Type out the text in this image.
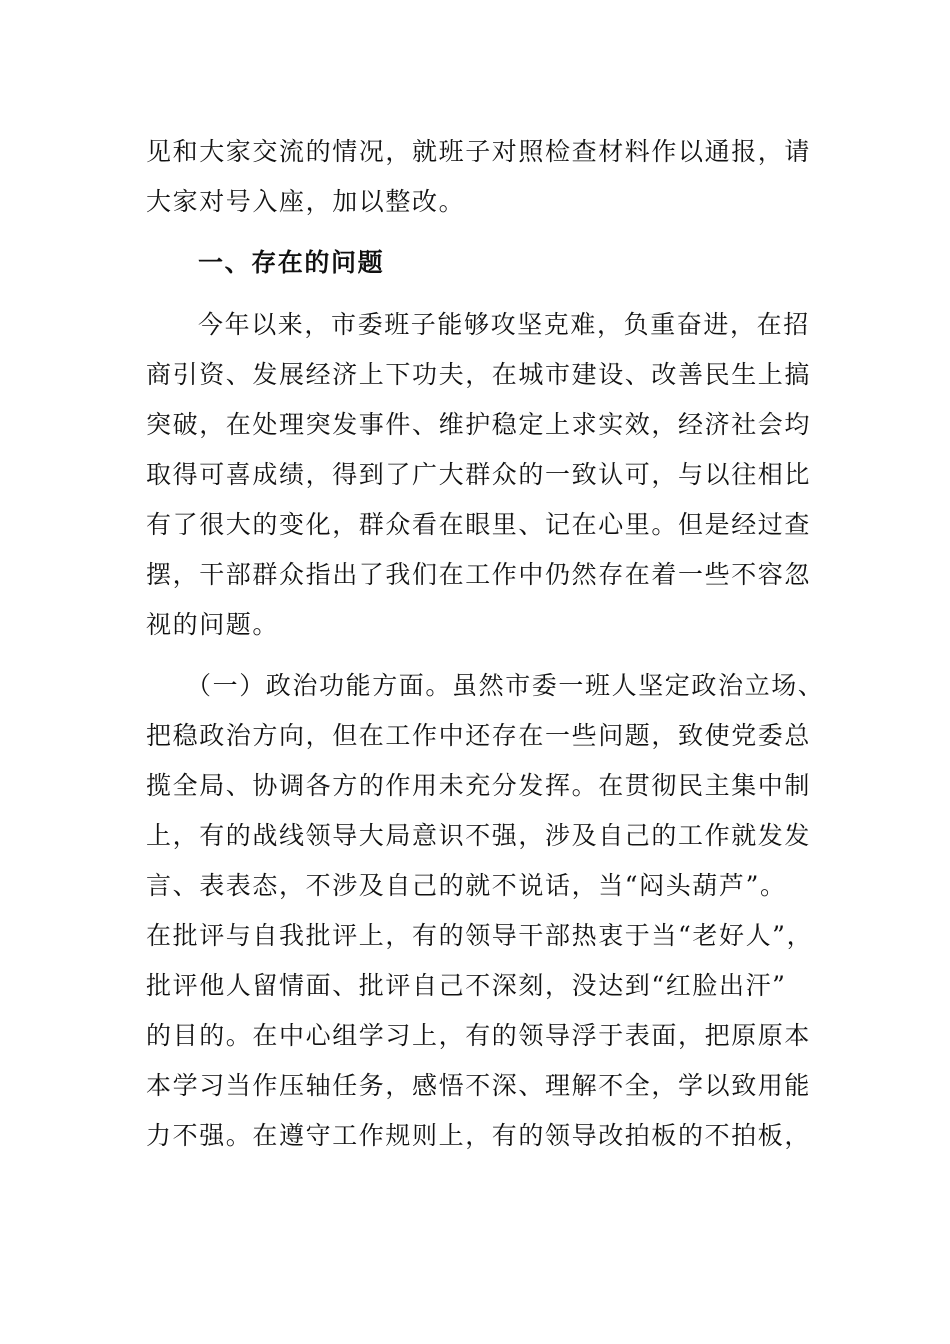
见和大家交流的情况，就班子对照检查材料作以通报，请
大家对号入座，加以整改。
一、存在的问题
今年以来，市委班子能够攻坚克难，负重奋进，在招
商引资、发展经济上下功夫，在城市建设、改善民生上搞
突破，在处理突发事件、维护稳定上求实效，经济社会均
取得可喜成绩，得到了广大群众的一致认可，与以往相比
有了很大的变化，群众看在眼里、记在心里。但是经过查
摆，干部群众指出了我们在工作中仍然存在着一些不容忽
视的问题。
（一）政治功能方面。虽然市委一班人坚定政治立场、
把稳政治方向，但在工作中还存在一些问题，致使党委总
揽全局、协调各方的作用未充分发挥。在贯彻民主集中制
上，有的战线领导大局意识不强，涉及自己的工作就发发
言、表表态，不涉及自己的就不说话，当“闷头葫芦”。
在批评与自我批评上，有的领导干部热衷于当“老好人”，
批评他人留情面、批评自己不深刻，没达到“红脸出汗”
的目的。在中心组学习上，有的领导浮于表面，把原原本
本学习当作压轴任务，感悟不深、理解不全，学以致用能
力不强。在遵守工作规则上，有的领导改拍板的不拍板，
